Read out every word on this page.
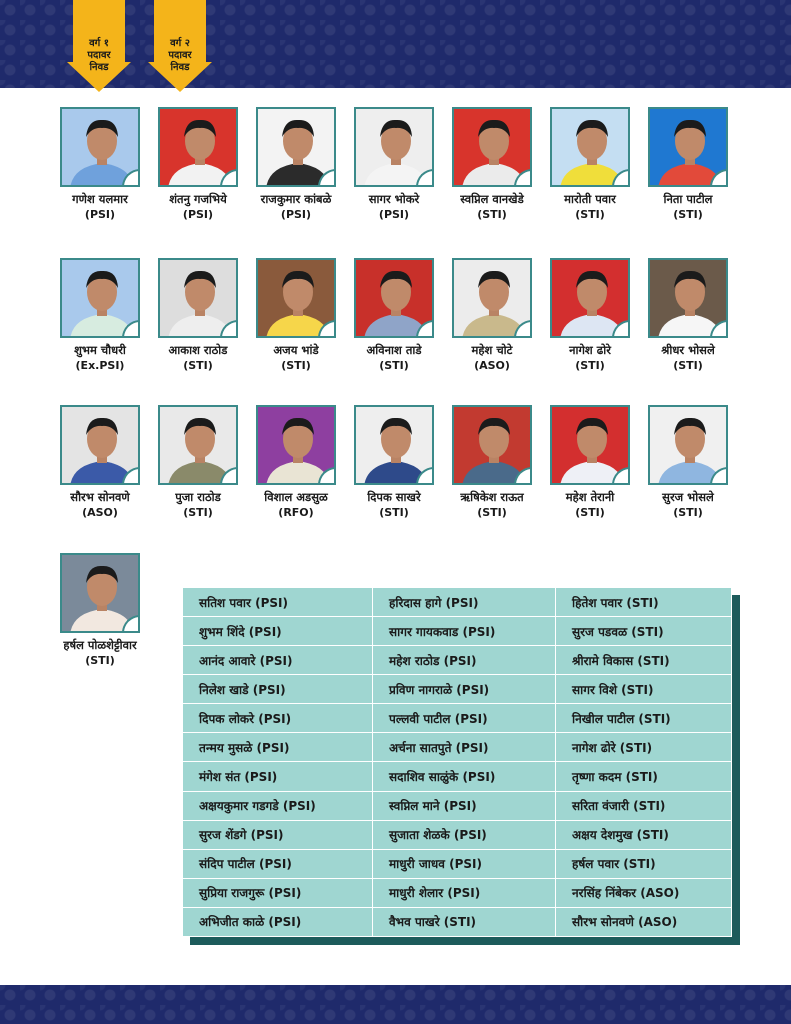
वर्ग १
पदावर
निवड
वर्ग २
पदावर
निवड
गणेश यलमार
(PSI)
शंतनु गजभिये
(PSI)
राजकुमार कांबळे
(PSI)
सागर भोकरे
(PSI)
स्वप्निल वानखेडे
(STI)
मारोती पवार
(STI)
निता पाटील
(STI)
शुभम चौधरी
(Ex.PSI)
आकाश राठोड
(STI)
अजय भांडे
(STI)
अविनाश ताडे
(STI)
महेश चोटे
(ASO)
नागेश ढोरे
(STI)
श्रीधर भोसले
(STI)
सौरभ सोनवणे
(ASO)
पुजा राठोड
(STI)
विशाल अडसुळ
(RFO)
दिपक साखरे
(STI)
ऋषिकेश राऊत
(STI)
महेश तेरानी
(STI)
सुरज भोसले
(STI)
हर्षल पोळशेट्टीवार
(STI)
सतिश पवार (PSI)	हरिदास हागे (PSI)	हितेश पवार (STI)
शुभम शिंदे (PSI)	सागर गायकवाड (PSI)	सुरज पडवळ (STI)
आनंद आवारे (PSI)	महेश राठोड (PSI)	श्रीरामे विकास (STI)
निलेश खाडे (PSI)	प्रविण नागराळे (PSI)	सागर विशे (STI)
दिपक लोकरे (PSI)	पल्लवी पाटील (PSI)	निखील पाटील (STI)
तन्मय मुसळे (PSI)	अर्चना सातपुते (PSI)	नागेश ढोरे (STI)
मंगेश संत (PSI)	सदाशिव साळुंके (PSI)	तृष्णा कदम (STI)
अक्षयकुमार गडगडे (PSI)	स्वप्निल माने (PSI)	सरिता वंजारी (STI)
सुरज शेंडगे (PSI)	सुजाता शेळके (PSI)	अक्षय देशमुख (STI)
संदिप पाटील (PSI)	माधुरी जाधव (PSI)	हर्षल पवार (STI)
सुप्रिया राजगुरू (PSI)	माधुरी शेलार (PSI)	नरसिंह निंबेकर (ASO)
अभिजीत काळे (PSI)	वैभव पाखरे (STI)	सौरभ सोनवणे (ASO)
